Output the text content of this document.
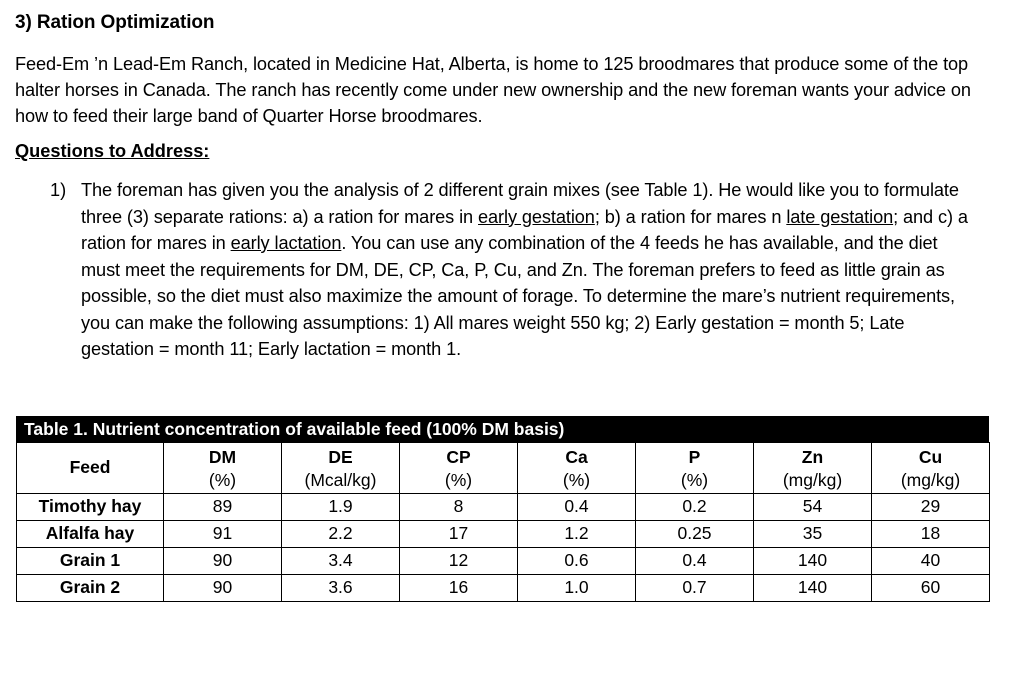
3) Ration Optimization
Feed-Em ’n Lead-Em Ranch, located in Medicine Hat, Alberta, is home to 125 broodmares that produce some of the top halter horses in Canada. The ranch has recently come under new ownership and the new foreman wants your advice on how to feed their large band of Quarter Horse broodmares.
Questions to Address:
1) The foreman has given you the analysis of 2 different grain mixes (see Table 1). He would like you to formulate three (3) separate rations: a) a ration for mares in early gestation; b) a ration for mares n late gestation; and c) a ration for mares in early lactation. You can use any combination of the 4 feeds he has available, and the diet must meet the requirements for DM, DE, CP, Ca, P, Cu, and Zn. The foreman prefers to feed as little grain as possible, so the diet must also maximize the amount of forage. To determine the mare’s nutrient requirements, you can make the following assumptions: 1) All mares weight 550 kg; 2) Early gestation = month 5; Late gestation = month 11; Early lactation = month 1.
Table 1. Nutrient concentration of available feed (100% DM basis)
Feed	DM	DE	CP	Ca	P	Zn	Cu
	(%)	(Mcal/kg)	(%)	(%)	(%)	(mg/kg)	(mg/kg)
Timothy hay	89	1.9	8	0.4	0.2	54	29
Alfalfa hay	91	2.2	17	1.2	0.25	35	18
Grain 1	90	3.4	12	0.6	0.4	140	40
Grain 2	90	3.6	16	1.0	0.7	140	60
